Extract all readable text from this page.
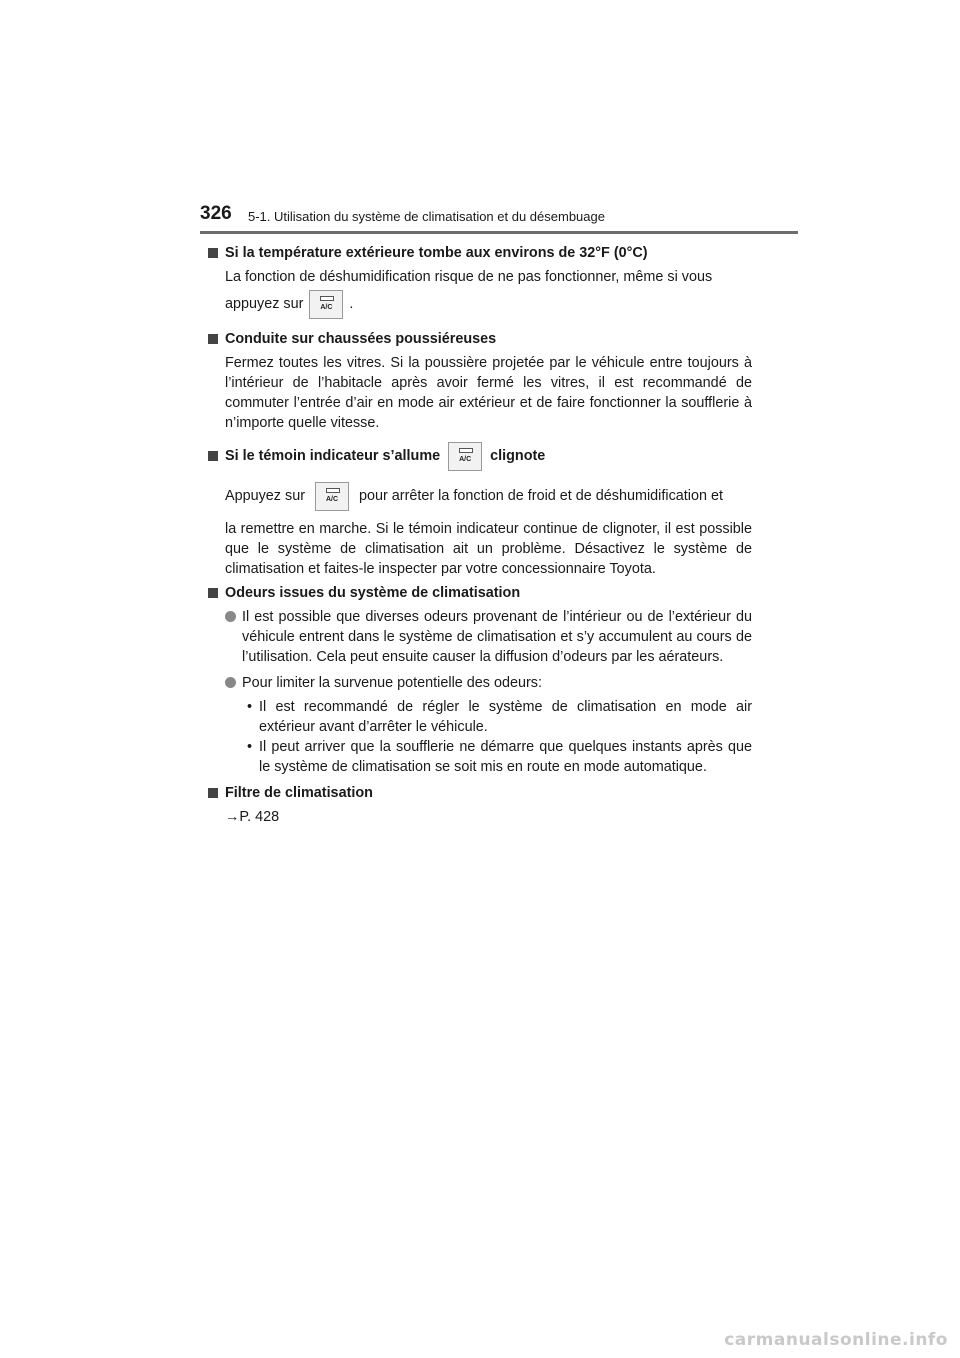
326 5-1. Utilisation du système de climatisation et du désembuage

Si la température extérieure tombe aux environs de 32°F (0°C)

La fonction de déshumidification risque de ne pas fonctionner, même si vous

appuyez sur	A/C	.

Conduite sur chaussées poussiéreuses

Fermez toutes les vitres. Si la poussière projetée par le véhicule entre toujours à l’intérieur de l’habitacle après avoir fermé les vitres, il est recommandé de commuter l’entrée d’air en mode air extérieur et de faire fonctionner la soufflerie à n’importe quelle vitesse.

Si le témoin indicateur s’allume	A/C	clignote

Appuyez sur	A/C	pour arrêter la fonction de froid et de déshumidification et

la remettre en marche. Si le témoin indicateur continue de clignoter, il est possible que le système de climatisation ait un problème. Désactivez le système de climatisation et faites-le inspecter par votre concessionnaire Toyota.

Odeurs issues du système de climatisation

Il est possible que diverses odeurs provenant de l’intérieur ou de l’extérieur du véhicule entrent dans le système de climatisation et s’y accumulent au cours de l’utilisation. Cela peut ensuite causer la diffusion d’odeurs par les aérateurs.

Pour limiter la survenue potentielle des odeurs:

• Il est recommandé de régler le système de climatisation en mode air extérieur avant d’arrêter le véhicule.

• Il peut arriver que la soufflerie ne démarre que quelques instants après que le système de climatisation se soit mis en route en mode automatique.

Filtre de climatisation

→P. 428

carmanualsonline.info
